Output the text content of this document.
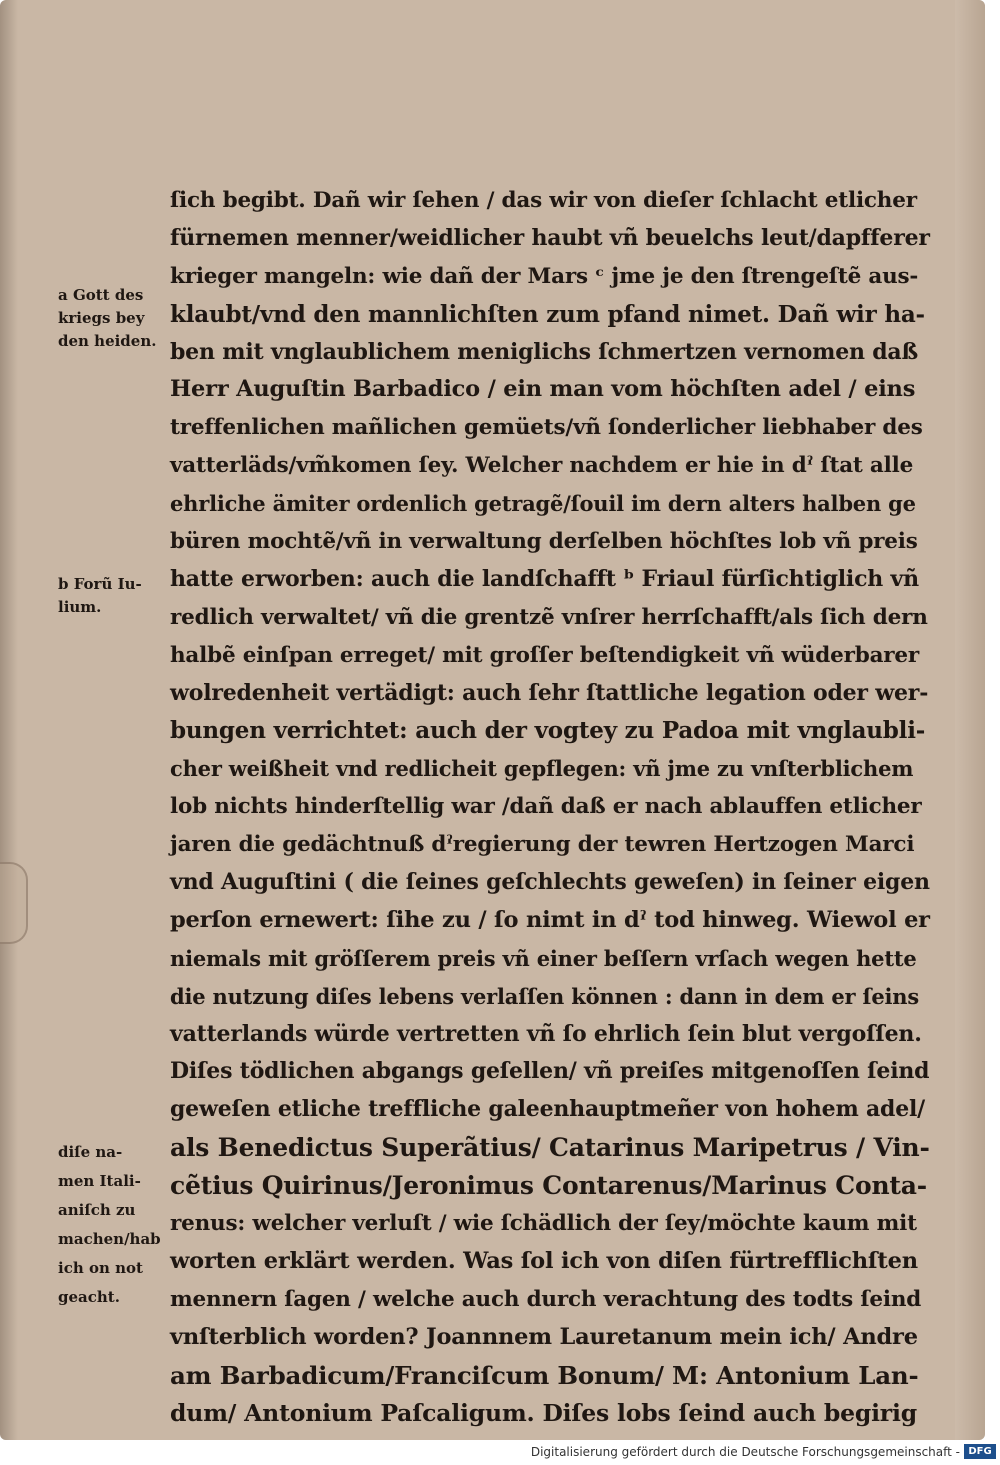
a Gott des
kriegs bey
den heiden.
b Forũ Iu-
lium.
diſe na-
men Itali-
aniſch zu
machen/hab
ich on not
geacht.
ſich begibt. Dañ wir ſehen / das wir von dieſer ſchlacht etlicher
fürnemen menner/weidlicher haubt vñ beuelchs leut/dapfferer
krieger mangeln: wie dañ der Mars ᶜ jme je den ſtrengeſtẽ aus-
klaubt/vnd den mannlichſten zum pfand nimet. Dañ wir ha-
ben mit vnglaublichem meniglichs ſchmertzen vernomen daß
Herr Auguſtin Barbadico / ein man vom höchſten adel / eins
treffenlichen mañlichen gemüets/vñ ſonderlicher liebhaber des
vatterläds/vm̃komen ſey. Welcher nachdem er hie in dˀ ſtat alle
ehrliche ämiter ordenlich getragẽ/ſouil im dern alters halben ge
büren mochtẽ/vñ in verwaltung derſelben höchſtes lob vñ preis
hatte erworben: auch die landſchafft ᵇ Friaul fürſichtiglich vñ
redlich verwaltet/ vñ die grentzẽ vnſrer herrſchafft/als ſich dern
halbẽ einſpan erreget/ mit groſſer beſtendigkeit vñ wüderbarer
wolredenheit vertädigt: auch ſehr ſtattliche legation oder wer-
bungen verrichtet: auch der vogtey zu Padoa mit vnglaubli-
cher weißheit vnd redlicheit gepflegen: vñ jme zu vnſterblichem
lob nichts hinderſtellig war /dañ daß er nach ablauffen etlicher
jaren die gedächtnuß dˀregierung der tewren Hertzogen Marci
vnd Auguſtini ( die ſeines geſchlechts geweſen) in ſeiner eigen
perſon ernewert: ſihe zu / ſo nimt in dˀ tod hinweg. Wiewol er
niemals mit gröſſerem preis vñ einer beſſern vrſach wegen hette
die nutzung diſes lebens verlaſſen können : dann in dem er ſeins
vatterlands würde vertretten vñ ſo ehrlich ſein blut vergoſſen.
Diſes tödlichen abgangs geſellen/ vñ preiſes mitgenoſſen ſeind
geweſen etliche treffliche galeenhauptmeñer von hohem adel/
als Benedictus Superãtius/ Catarinus Maripetrus / Vin-
cẽtius Quirinus/Jeronimus Contarenus/Marinus Conta-
renus: welcher verluſt / wie ſchädlich der ſey/möchte kaum mit
worten erklärt werden. Was ſol ich von diſen fürtrefflichſten
mennern ſagen / welche auch durch verachtung des todts ſeind
vnſterblich worden? Joannnem Lauretanum mein ich/ Andre
am Barbadicum/Franciſcum Bonum/ M: Antonium Lan-
dum/ Antonium Paſcaligum. Diſes lobs ſeind auch begirig
Digitalisierung gefördert durch die Deutsche Forschungsgemeinschaft - DFG
